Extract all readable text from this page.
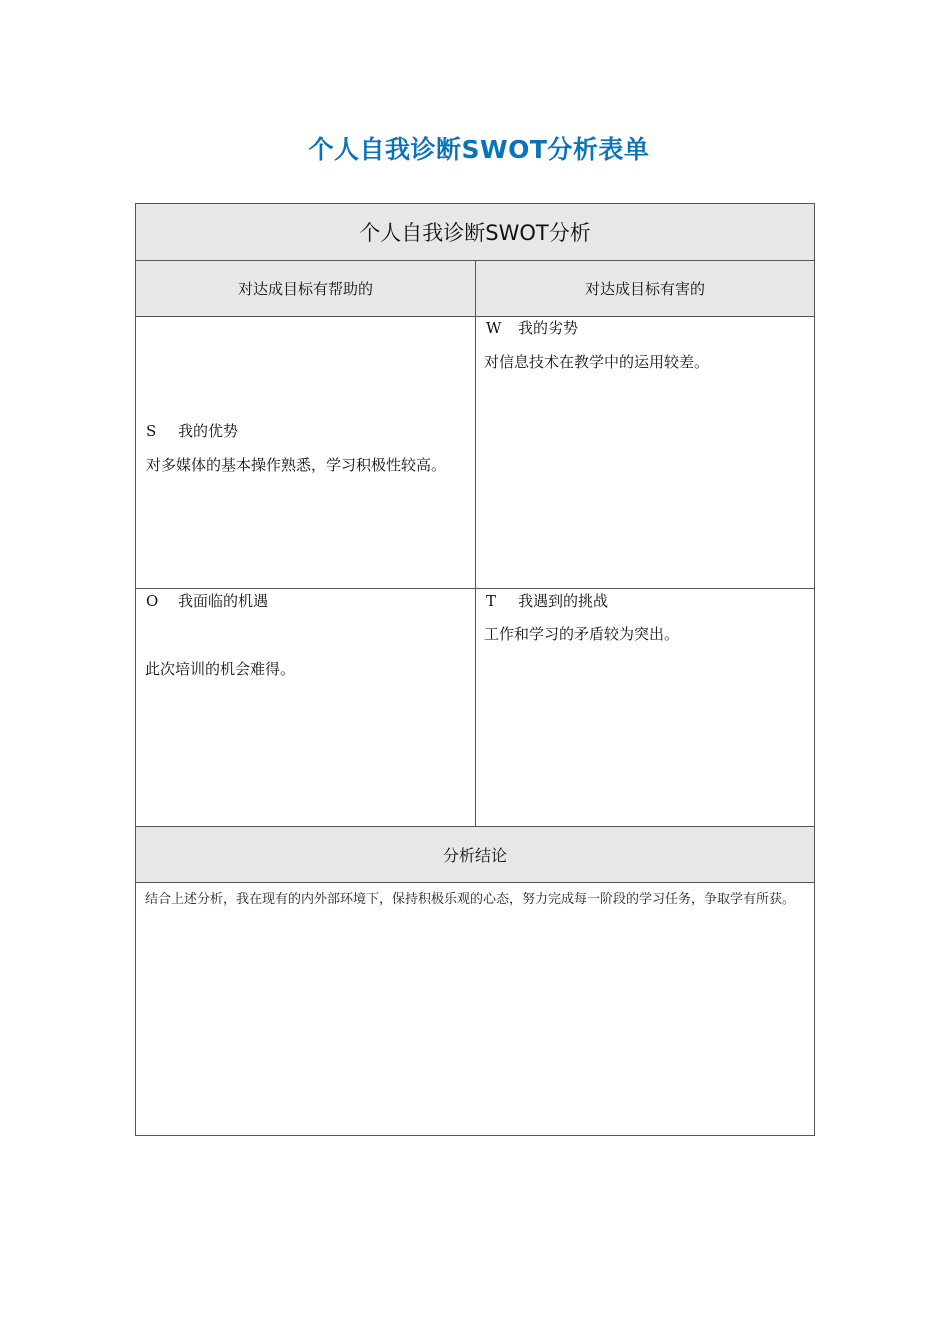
个人自我诊断SWOT分析表单
个人自我诊断SWOT分析
对达成目标有帮助的	对达成目标有害的
S 我的优势
对多媒体的基本操作熟悉，学习积极性较高。
W 我的劣势
对信息技术在教学中的运用较差。
O 我面临的机遇
此次培训的机会难得。
T 我遇到的挑战
工作和学习的矛盾较为突出。
分析结论
结合上述分析，我在现有的内外部环境下，保持积极乐观的心态，努力完成每一阶段的学习任务，争取学有所获。
